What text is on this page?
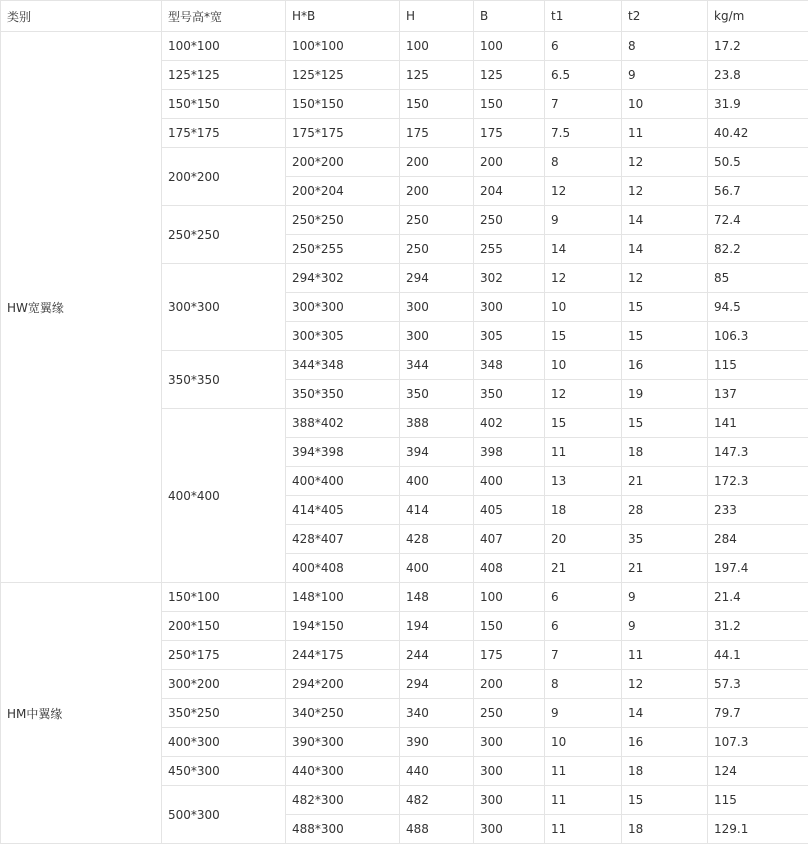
类别	型号高*宽	H*B	H	B	t1	t2	kg/m
HW宽翼缘	100*100	100*100	100	100	6	8	17.2
	125*125	125*125	125	125	6.5	9	23.8
	150*150	150*150	150	150	7	10	31.9
	175*175	175*175	175	175	7.5	11	40.42
	200*200	200*200	200	200	8	12	50.5
		200*204	200	204	12	12	56.7
	250*250	250*250	250	250	9	14	72.4
		250*255	250	255	14	14	82.2
	300*300	294*302	294	302	12	12	85
		300*300	300	300	10	15	94.5
		300*305	300	305	15	15	106.3
	350*350	344*348	344	348	10	16	115
		350*350	350	350	12	19	137
	400*400	388*402	388	402	15	15	141
		394*398	394	398	11	18	147.3
		400*400	400	400	13	21	172.3
		414*405	414	405	18	28	233
		428*407	428	407	20	35	284
		400*408	400	408	21	21	197.4
HM中翼缘	150*100	148*100	148	100	6	9	21.4
	200*150	194*150	194	150	6	9	31.2
	250*175	244*175	244	175	7	11	44.1
	300*200	294*200	294	200	8	12	57.3
	350*250	340*250	340	250	9	14	79.7
	400*300	390*300	390	300	10	16	107.3
	450*300	440*300	440	300	11	18	124
	500*300	482*300	482	300	11	15	115
		488*300	488	300	11	18	129.1
